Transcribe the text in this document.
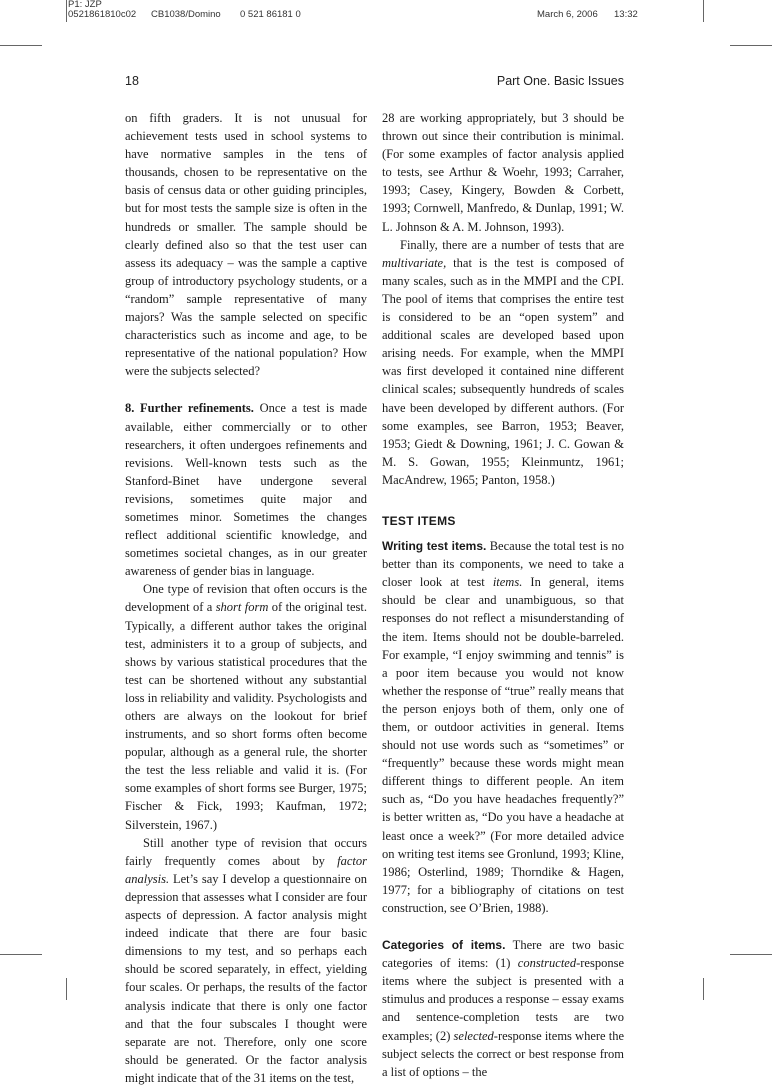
P1: JZP
0521861810c02 CB1038/Domino 0 521 86181 0	March 6, 2006 13:32
18	Part One. Basic Issues

on fifth graders. It is not unusual for achievement tests used in school systems to have normative samples in the tens of thousands, chosen to be representative on the basis of census data or other guiding principles, but for most tests the sample size is often in the hundreds or smaller. The sample should be clearly defined also so that the test user can assess its adequacy – was the sample a captive group of introductory psychology students, or a “random” sample representative of many majors? Was the sample selected on specific characteristics such as income and age, to be representative of the national population? How were the subjects selected?

8. Further refinements. Once a test is made available, either commercially or to other researchers, it often undergoes refinements and revisions. Well-known tests such as the Stanford-Binet have undergone several revisions, sometimes quite major and sometimes minor. Sometimes the changes reflect additional scientific knowledge, and sometimes societal changes, as in our greater awareness of gender bias in language.

One type of revision that often occurs is the development of a short form of the original test. Typically, a different author takes the original test, administers it to a group of subjects, and shows by various statistical procedures that the test can be shortened without any substantial loss in reliability and validity. Psychologists and others are always on the lookout for brief instruments, and so short forms often become popular, although as a general rule, the shorter the test the less reliable and valid it is. (For some examples of short forms see Burger, 1975; Fischer & Fick, 1993; Kaufman, 1972; Silverstein, 1967.)

Still another type of revision that occurs fairly frequently comes about by factor analysis. Let’s say I develop a questionnaire on depression that assesses what I consider are four aspects of depression. A factor analysis might indeed indicate that there are four basic dimensions to my test, and so perhaps each should be scored separately, in effect, yielding four scales. Or perhaps, the results of the factor analysis indicate that there is only one factor and that the four subscales I thought were separate are not. Therefore, only one score should be generated. Or the factor analysis might indicate that of the 31 items on the test,

28 are working appropriately, but 3 should be thrown out since their contribution is minimal. (For some examples of factor analysis applied to tests, see Arthur & Woehr, 1993; Carraher, 1993; Casey, Kingery, Bowden & Corbett, 1993; Cornwell, Manfredo, & Dunlap, 1991; W. L. Johnson & A. M. Johnson, 1993).

Finally, there are a number of tests that are multivariate, that is the test is composed of many scales, such as in the MMPI and the CPI. The pool of items that comprises the entire test is considered to be an “open system” and additional scales are developed based upon arising needs. For example, when the MMPI was first developed it contained nine different clinical scales; subsequently hundreds of scales have been developed by different authors. (For some examples, see Barron, 1953; Beaver, 1953; Giedt & Downing, 1961; J. C. Gowan & M. S. Gowan, 1955; Kleinmuntz, 1961; MacAndrew, 1965; Panton, 1958.)

TEST ITEMS

Writing test items. Because the total test is no better than its components, we need to take a closer look at test items. In general, items should be clear and unambiguous, so that responses do not reflect a misunderstanding of the item. Items should not be double-barreled. For example, “I enjoy swimming and tennis” is a poor item because you would not know whether the response of “true” really means that the person enjoys both of them, only one of them, or outdoor activities in general. Items should not use words such as “sometimes” or “frequently” because these words might mean different things to different people. An item such as, “Do you have headaches frequently?” is better written as, “Do you have a headache at least once a week?” (For more detailed advice on writing test items see Gronlund, 1993; Kline, 1986; Osterlind, 1989; Thorndike & Hagen, 1977; for a bibliography of citations on test construction, see O’Brien, 1988).

Categories of items. There are two basic categories of items: (1) constructed-response items where the subject is presented with a stimulus and produces a response – essay exams and sentence-completion tests are two examples; (2) selected-response items where the subject selects the correct or best response from a list of options – the
